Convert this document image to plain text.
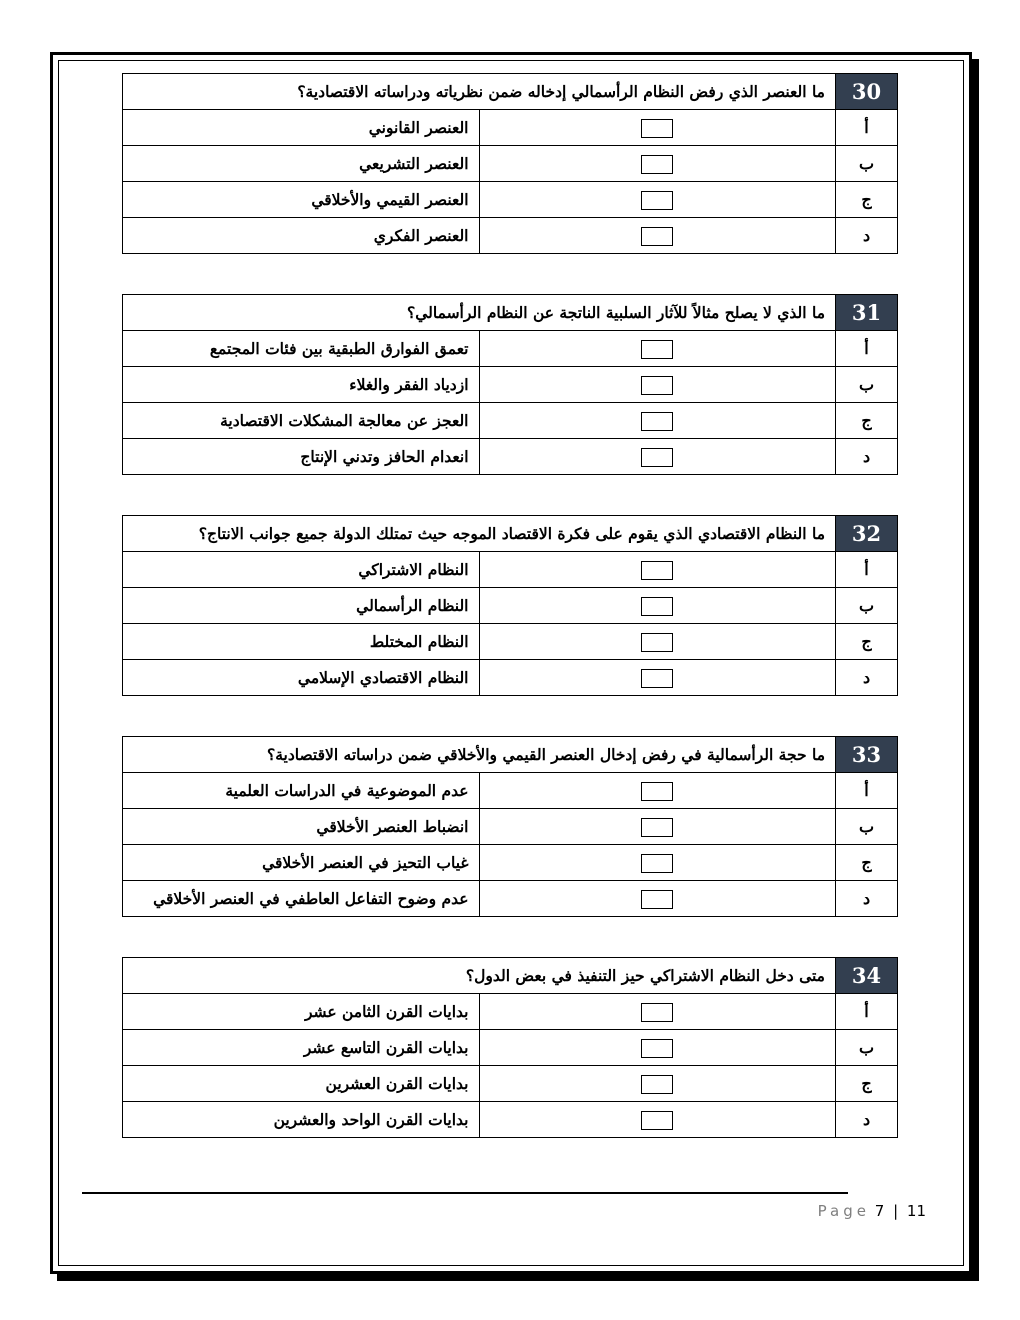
30	ما العنصر الذي رفض النظام الرأسمالي إدخاله ضمن نظرياته ودراساته الاقتصادية؟	
أ		العنصر القانوني
ب		العنصر التشريعي
ج		العنصر القيمي والأخلاقي
د		العنصر الفكري
31	ما الذي لا يصلح مثالاً للآثار السلبية الناتجة عن النظام الرأسمالي؟	
أ		تعمق الفوارق الطبقية بين فئات المجتمع
ب		ازدياد الفقر والغلاء
ج		العجز عن معالجة المشكلات الاقتصادية
د		انعدام الحافز وتدني الإنتاج
32	ما النظام الاقتصادي الذي يقوم على فكرة الاقتصاد الموجه حيث تمتلك الدولة جميع جوانب الانتاج؟	
أ		النظام الاشتراكي
ب		النظام الرأسمالي
ج		النظام المختلط
د		النظام الاقتصادي الإسلامي
33	ما حجة الرأسمالية في رفض إدخال العنصر القيمي والأخلاقي ضمن دراساته الاقتصادية؟	
أ		عدم الموضوعية في الدراسات العلمية
ب		انضباط العنصر الأخلاقي
ج		غياب التحيز في العنصر الأخلاقي
د		عدم وضوح التفاعل العاطفي في العنصر الأخلاقي
34	متى دخل النظام الاشتراكي حيز التنفيذ في بعض الدول؟	
أ		بدايات القرن الثامن عشر
ب		بدايات القرن التاسع عشر
ج		بدايات القرن العشرين
د		بدايات القرن الواحد والعشرين
Page 7 | 11
